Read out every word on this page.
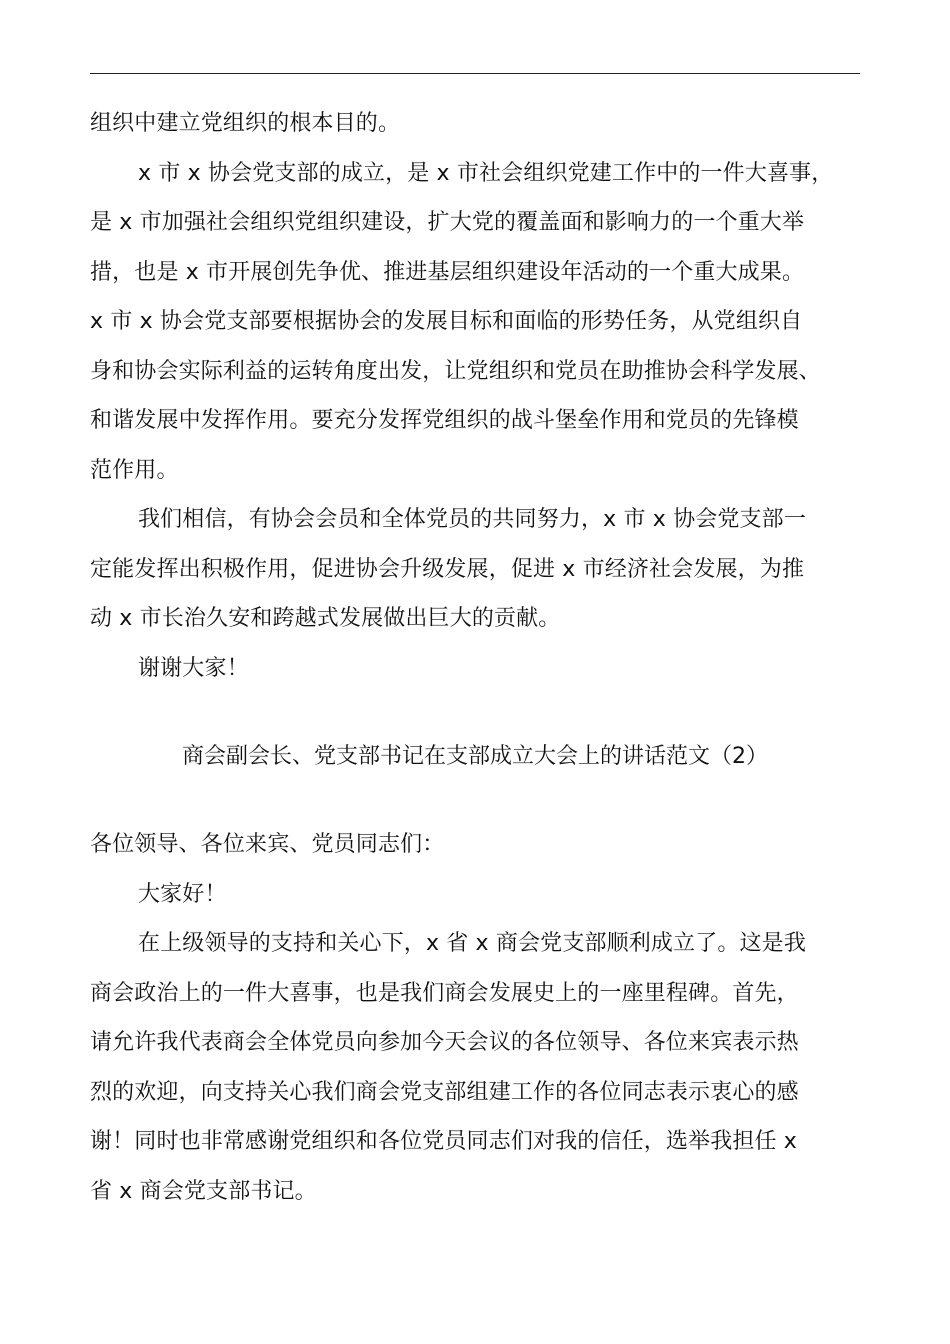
组织中建立党组织的根本目的。
x 市 x 协会党支部的成立，是 x 市社会组织党建工作中的一件大喜事，
是 x 市加强社会组织党组织建设，扩大党的覆盖面和影响力的一个重大举
措，也是 x 市开展创先争优、推进基层组织建设年活动的一个重大成果。
x 市 x 协会党支部要根据协会的发展目标和面临的形势任务，从党组织自
身和协会实际利益的运转角度出发，让党组织和党员在助推协会科学发展、
和谐发展中发挥作用。要充分发挥党组织的战斗堡垒作用和党员的先锋模
范作用。
我们相信，有协会会员和全体党员的共同努力，x 市 x 协会党支部一
定能发挥出积极作用，促进协会升级发展，促进 x 市经济社会发展，为推
动 x 市长治久安和跨越式发展做出巨大的贡献。
谢谢大家！
商会副会长、党支部书记在支部成立大会上的讲话范文（2）
各位领导、各位来宾、党员同志们：
大家好！
在上级领导的支持和关心下，x 省 x 商会党支部顺利成立了。这是我
商会政治上的一件大喜事，也是我们商会发展史上的一座里程碑。首先，
请允许我代表商会全体党员向参加今天会议的各位领导、各位来宾表示热
烈的欢迎，向支持关心我们商会党支部组建工作的各位同志表示衷心的感
谢！同时也非常感谢党组织和各位党员同志们对我的信任，选举我担任 x
省 x 商会党支部书记。
